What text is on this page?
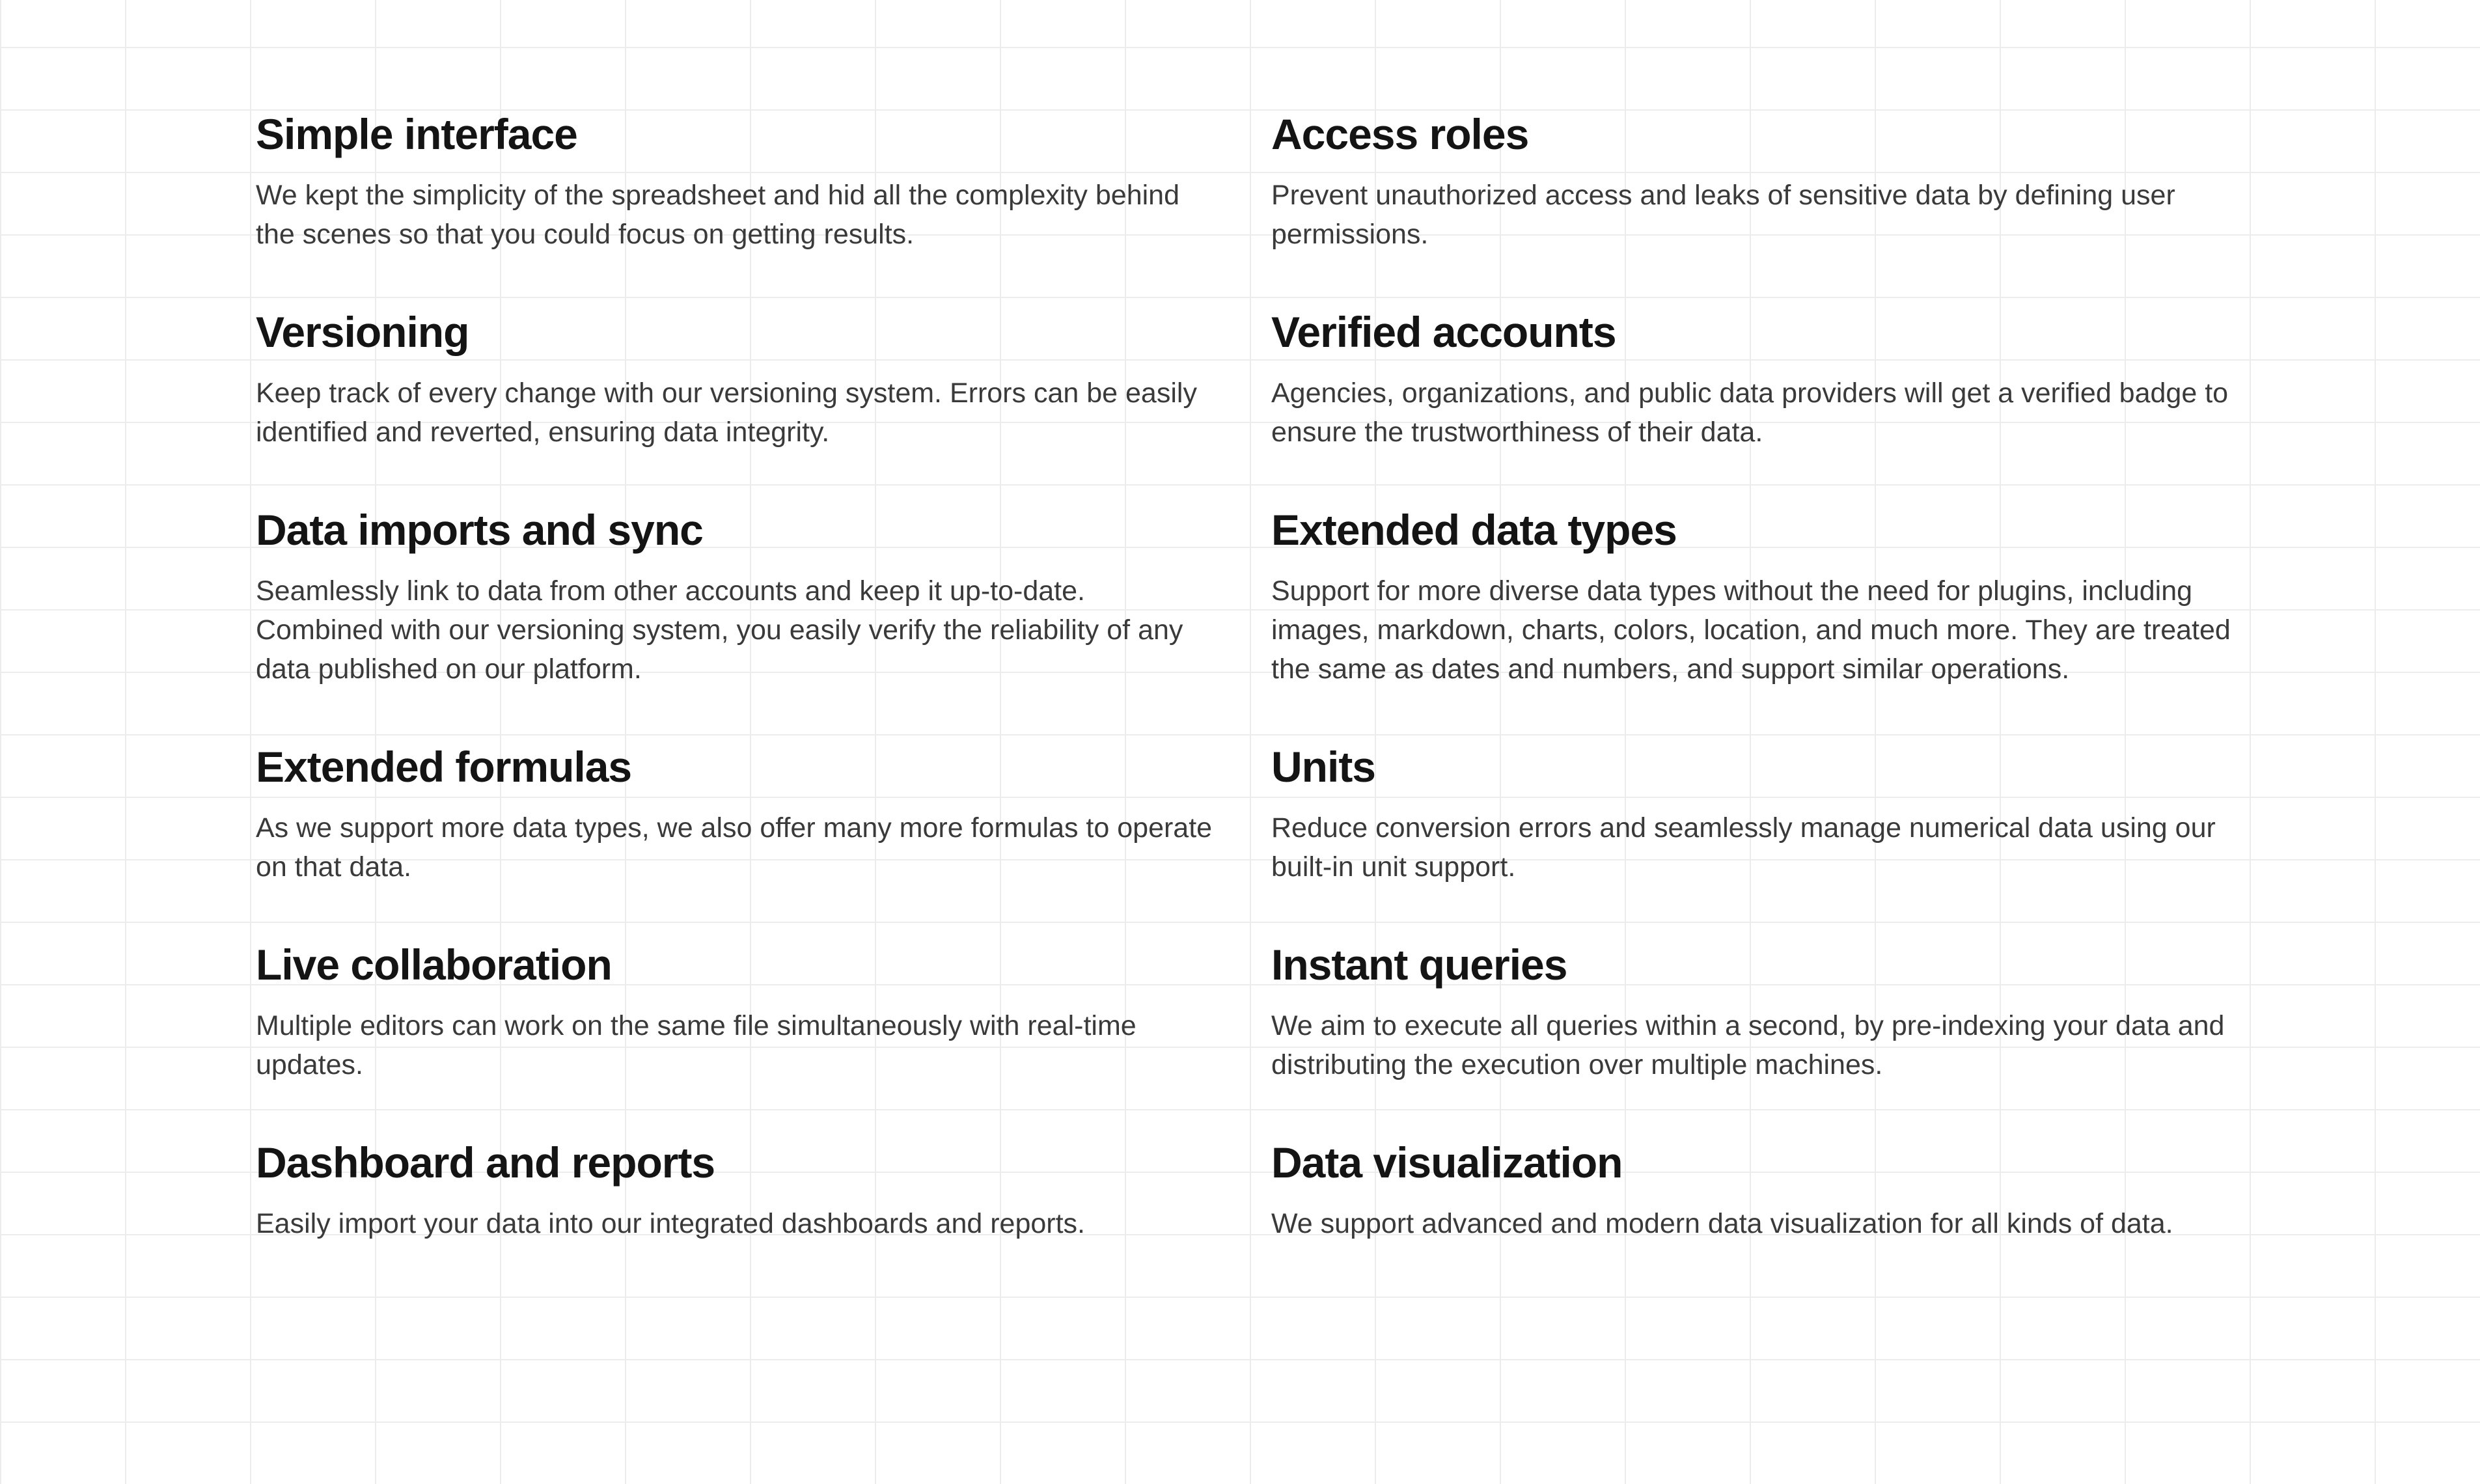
Simple interface

We kept the simplicity of the spreadsheet and hid all the complexity behind the scenes so that you could focus on getting results.

Access roles

Prevent unauthorized access and leaks of sensitive data by defining user permissions.

Versioning

Keep track of every change with our versioning system. Errors can be easily identified and reverted, ensuring data integrity.

Verified accounts

Agencies, organizations, and public data providers will get a verified badge to ensure the trustworthiness of their data.

Data imports and sync

Seamlessly link to data from other accounts and keep it up-to-date. Combined with our versioning system, you easily verify the reliability of any data published on our platform.

Extended data types

Support for more diverse data types without the need for plugins, including images, markdown, charts, colors, location, and much more. They are treated the same as dates and numbers, and support similar operations.

Extended formulas

As we support more data types, we also offer many more formulas to operate on that data.

Units

Reduce conversion errors and seamlessly manage numerical data using our built-in unit support.

Live collaboration

Multiple editors can work on the same file simultaneously with real-time updates.

Instant queries

We aim to execute all queries within a second, by pre-indexing your data and distributing the execution over multiple machines.

Dashboard and reports

Easily import your data into our integrated dashboards and reports.

Data visualization

We support advanced and modern data visualization for all kinds of data.
